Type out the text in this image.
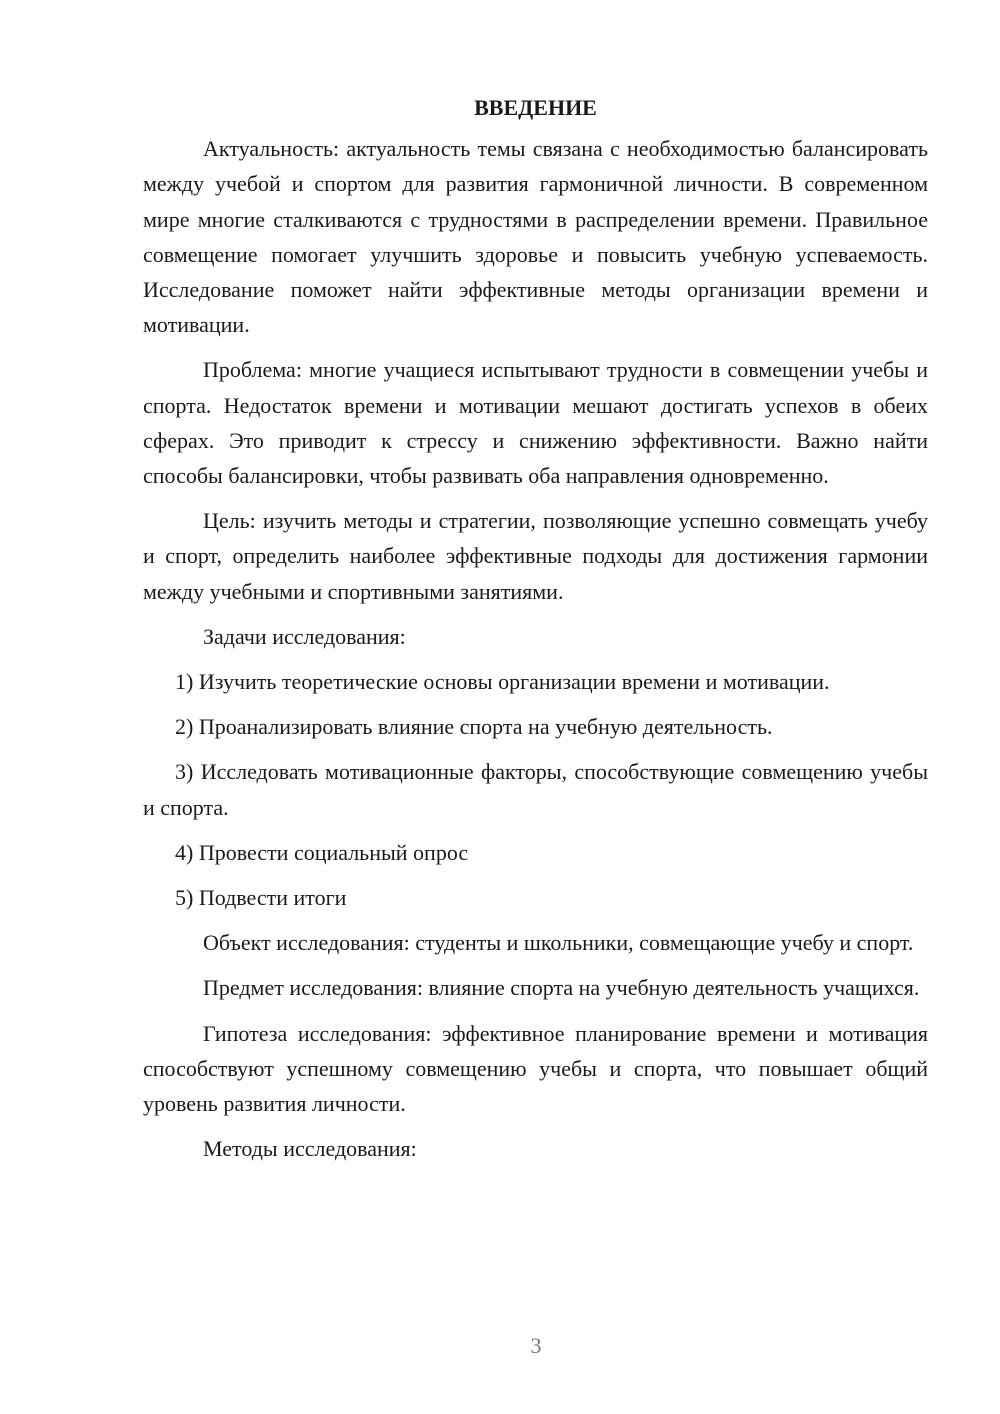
ВВЕДЕНИЕ

Актуальность: актуальность темы связана с необходимостью балансировать между учебой и спортом для развития гармоничной личности. В современном мире многие сталкиваются с трудностями в распределении времени. Правильное совмещение помогает улучшить здоровье и повысить учебную успеваемость. Исследование поможет найти эффективные методы организации времени и мотивации.

Проблема: многие учащиеся испытывают трудности в совмещении учебы и спорта. Недостаток времени и мотивации мешают достигать успехов в обеих сферах. Это приводит к стрессу и снижению эффективности. Важно найти способы балансировки, чтобы развивать оба направления одновременно.

Цель: изучить методы и стратегии, позволяющие успешно совмещать учебу и спорт, определить наиболее эффективные подходы для достижения гармонии между учебными и спортивными занятиями.

Задачи исследования:

1) Изучить теоретические основы организации времени и мотивации.

2) Проанализировать влияние спорта на учебную деятельность.

3) Исследовать мотивационные факторы, способствующие совмещению учебы и спорта.

4) Провести социальный опрос

5) Подвести итоги

Объект исследования: студенты и школьники, совмещающие учебу и спорт.

Предмет исследования: влияние спорта на учебную деятельность учащихся.

Гипотеза исследования: эффективное планирование времени и мотивация способствуют успешному совмещению учебы и спорта, что повышает общий уровень развития личности.

Методы исследования:

3
